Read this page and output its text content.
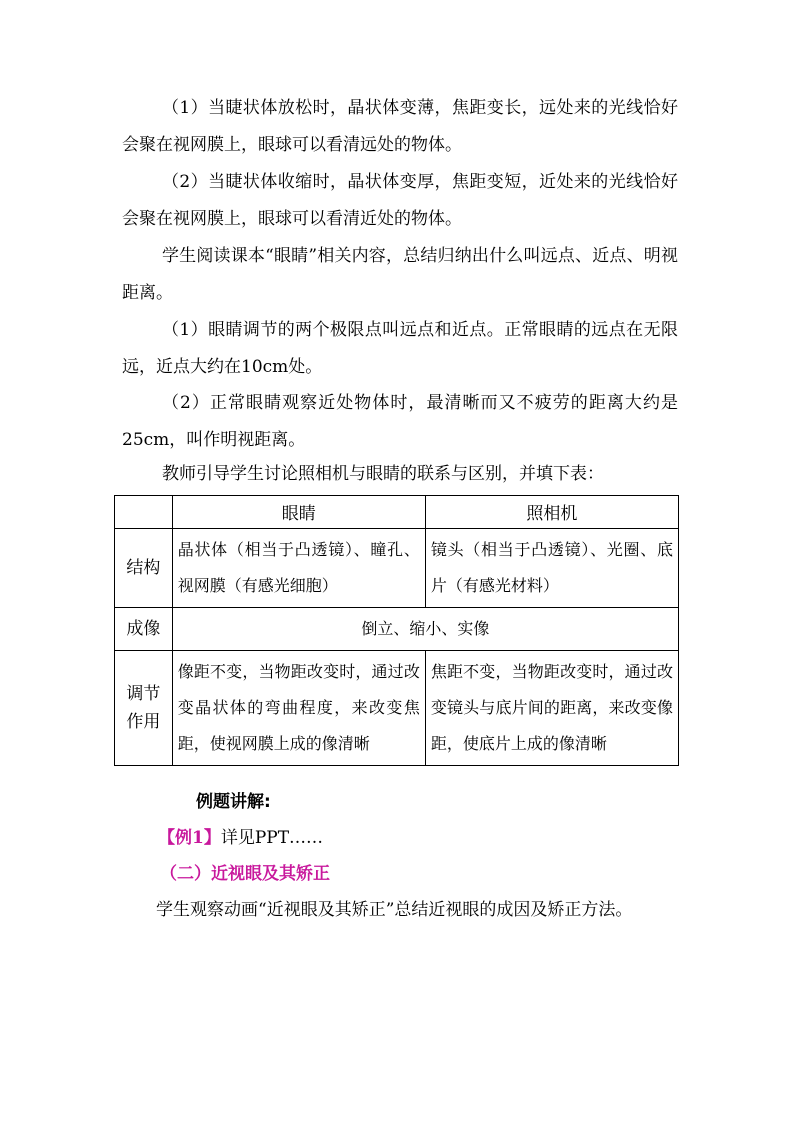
（1）当睫状体放松时，晶状体变薄，焦距变长，远处来的光线恰好会聚在视网膜上，眼球可以看清远处的物体。

（2）当睫状体收缩时，晶状体变厚，焦距变短，近处来的光线恰好会聚在视网膜上，眼球可以看清近处的物体。

学生阅读课本“眼睛”相关内容，总结归纳出什么叫远点、近点、明视距离。

（1）眼睛调节的两个极限点叫远点和近点。正常眼睛的远点在无限远，近点大约在10cm处。

（2）正常眼睛观察近处物体时，最清晰而又不疲劳的距离大约是25cm，叫作明视距离。

教师引导学生讨论照相机与眼睛的联系与区别，并填下表：

	眼睛	照相机
结构	晶状体（相当于凸透镜）、瞳孔、视网膜（有感光细胞）	镜头（相当于凸透镜）、光圈、底片（有感光材料）
成像	倒立、缩小、实像	

调节
作用	像距不变，当物距改变时，通过改变晶状体的弯曲程度，来改变焦距，使视网膜上成的像清晰	焦距不变，当物距改变时，通过改变镜头与底片间的距离，来改变像距，使底片上成的像清晰

例题讲解:

【例1】详见PPT……

（二）近视眼及其矫正

学生观察动画“近视眼及其矫正”总结近视眼的成因及矫正方法。
